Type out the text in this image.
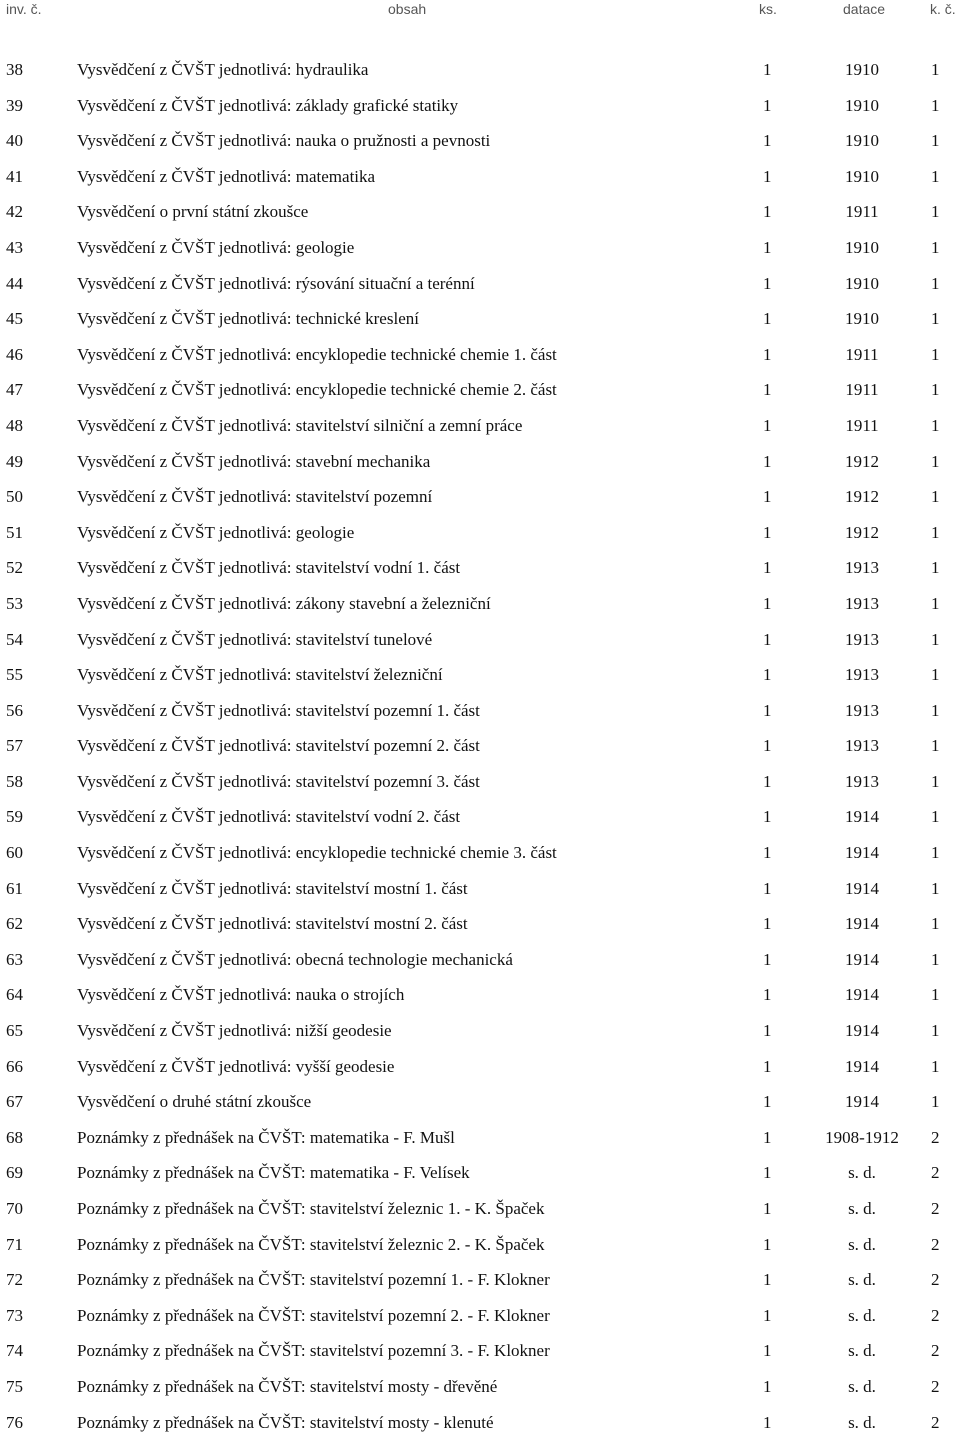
inv. č.	obsah	ks.	datace	k. č.
38	Vysvědčení z ČVŠT jednotlivá: hydraulika	1	1910	1
39	Vysvědčení z ČVŠT jednotlivá: základy grafické statiky	1	1910	1
40	Vysvědčení z ČVŠT jednotlivá: nauka o pružnosti a pevnosti	1	1910	1
41	Vysvědčení z ČVŠT jednotlivá: matematika	1	1910	1
42	Vysvědčení o první státní zkoušce	1	1911	1
43	Vysvědčení z ČVŠT jednotlivá: geologie	1	1910	1
44	Vysvědčení z ČVŠT jednotlivá: rýsování situační a terénní	1	1910	1
45	Vysvědčení z ČVŠT jednotlivá: technické kreslení	1	1910	1
46	Vysvědčení z ČVŠT jednotlivá: encyklopedie technické chemie 1. část	1	1911	1
47	Vysvědčení z ČVŠT jednotlivá: encyklopedie technické chemie 2. část	1	1911	1
48	Vysvědčení z ČVŠT jednotlivá: stavitelství silniční a zemní práce	1	1911	1
49	Vysvědčení z ČVŠT jednotlivá: stavební mechanika	1	1912	1
50	Vysvědčení z ČVŠT jednotlivá: stavitelství pozemní	1	1912	1
51	Vysvědčení z ČVŠT jednotlivá: geologie	1	1912	1
52	Vysvědčení z ČVŠT jednotlivá: stavitelství vodní 1. část	1	1913	1
53	Vysvědčení z ČVŠT jednotlivá: zákony stavební a železniční	1	1913	1
54	Vysvědčení z ČVŠT jednotlivá: stavitelství tunelové	1	1913	1
55	Vysvědčení z ČVŠT jednotlivá: stavitelství železniční	1	1913	1
56	Vysvědčení z ČVŠT jednotlivá: stavitelství pozemní 1. část	1	1913	1
57	Vysvědčení z ČVŠT jednotlivá: stavitelství pozemní 2. část	1	1913	1
58	Vysvědčení z ČVŠT jednotlivá: stavitelství pozemní 3. část	1	1913	1
59	Vysvědčení z ČVŠT jednotlivá: stavitelství vodní 2. část	1	1914	1
60	Vysvědčení z ČVŠT jednotlivá: encyklopedie technické chemie 3. část	1	1914	1
61	Vysvědčení z ČVŠT jednotlivá: stavitelství mostní 1. část	1	1914	1
62	Vysvědčení z ČVŠT jednotlivá: stavitelství mostní 2. část	1	1914	1
63	Vysvědčení z ČVŠT jednotlivá: obecná technologie mechanická	1	1914	1
64	Vysvědčení z ČVŠT jednotlivá: nauka o strojích	1	1914	1
65	Vysvědčení z ČVŠT jednotlivá: nižší geodesie	1	1914	1
66	Vysvědčení z ČVŠT jednotlivá: vyšší geodesie	1	1914	1
67	Vysvědčení o druhé státní zkoušce	1	1914	1
68	Poznámky z přednášek na ČVŠT: matematika - F. Mušl	1	1908-1912	2
69	Poznámky z přednášek na ČVŠT: matematika - F. Velísek	1	s. d.	2
70	Poznámky z přednášek na ČVŠT: stavitelství železnic 1. - K. Špaček	1	s. d.	2
71	Poznámky z přednášek na ČVŠT: stavitelství železnic 2. - K. Špaček	1	s. d.	2
72	Poznámky z přednášek na ČVŠT: stavitelství pozemní 1. - F. Klokner	1	s. d.	2
73	Poznámky z přednášek na ČVŠT: stavitelství pozemní 2. - F. Klokner	1	s. d.	2
74	Poznámky z přednášek na ČVŠT: stavitelství pozemní 3. - F. Klokner	1	s. d.	2
75	Poznámky z přednášek na ČVŠT: stavitelství mosty - dřevěné	1	s. d.	2
76	Poznámky z přednášek na ČVŠT: stavitelství mosty - klenuté	1	s. d.	2
